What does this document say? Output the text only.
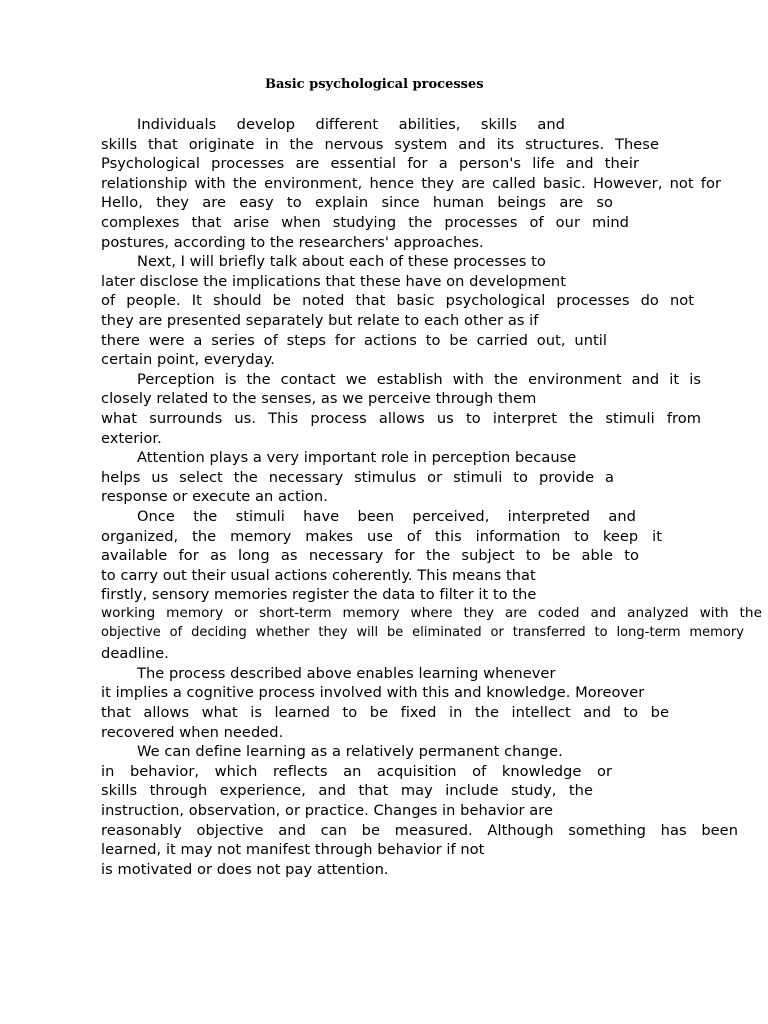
Basic psychological processes
Individuals develop different abilities, skills and
skills that originate in the nervous system and its structures. These
Psychological processes are essential for a person's life and their
relationship with the environment, hence they are called basic. However, not for
Hello, they are easy to explain since human beings are so
complexes that arise when studying the processes of our mind
postures, according to the researchers' approaches.
Next, I will briefly talk about each of these processes to
later disclose the implications that these have on development
of people. It should be noted that basic psychological processes do not
they are presented separately but relate to each other as if
there were a series of steps for actions to be carried out, until
certain point, everyday.
Perception is the contact we establish with the environment and it is
closely related to the senses, as we perceive through them
what surrounds us. This process allows us to interpret the stimuli from
exterior.
Attention plays a very important role in perception because
helps us select the necessary stimulus or stimuli to provide a
response or execute an action.
Once the stimuli have been perceived, interpreted and
organized, the memory makes use of this information to keep it
available for as long as necessary for the subject to be able to
to carry out their usual actions coherently. This means that
firstly, sensory memories register the data to filter it to the
working memory or short-term memory where they are coded and analyzed with the
objective of deciding whether they will be eliminated or transferred to long-term memory
deadline.
The process described above enables learning whenever
it implies a cognitive process involved with this and knowledge. Moreover
that allows what is learned to be fixed in the intellect and to be
recovered when needed.
We can define learning as a relatively permanent change.
in behavior, which reflects an acquisition of knowledge or
skills through experience, and that may include study, the
instruction, observation, or practice. Changes in behavior are
reasonably objective and can be measured. Although something has been
learned, it may not manifest through behavior if not
is motivated or does not pay attention.
